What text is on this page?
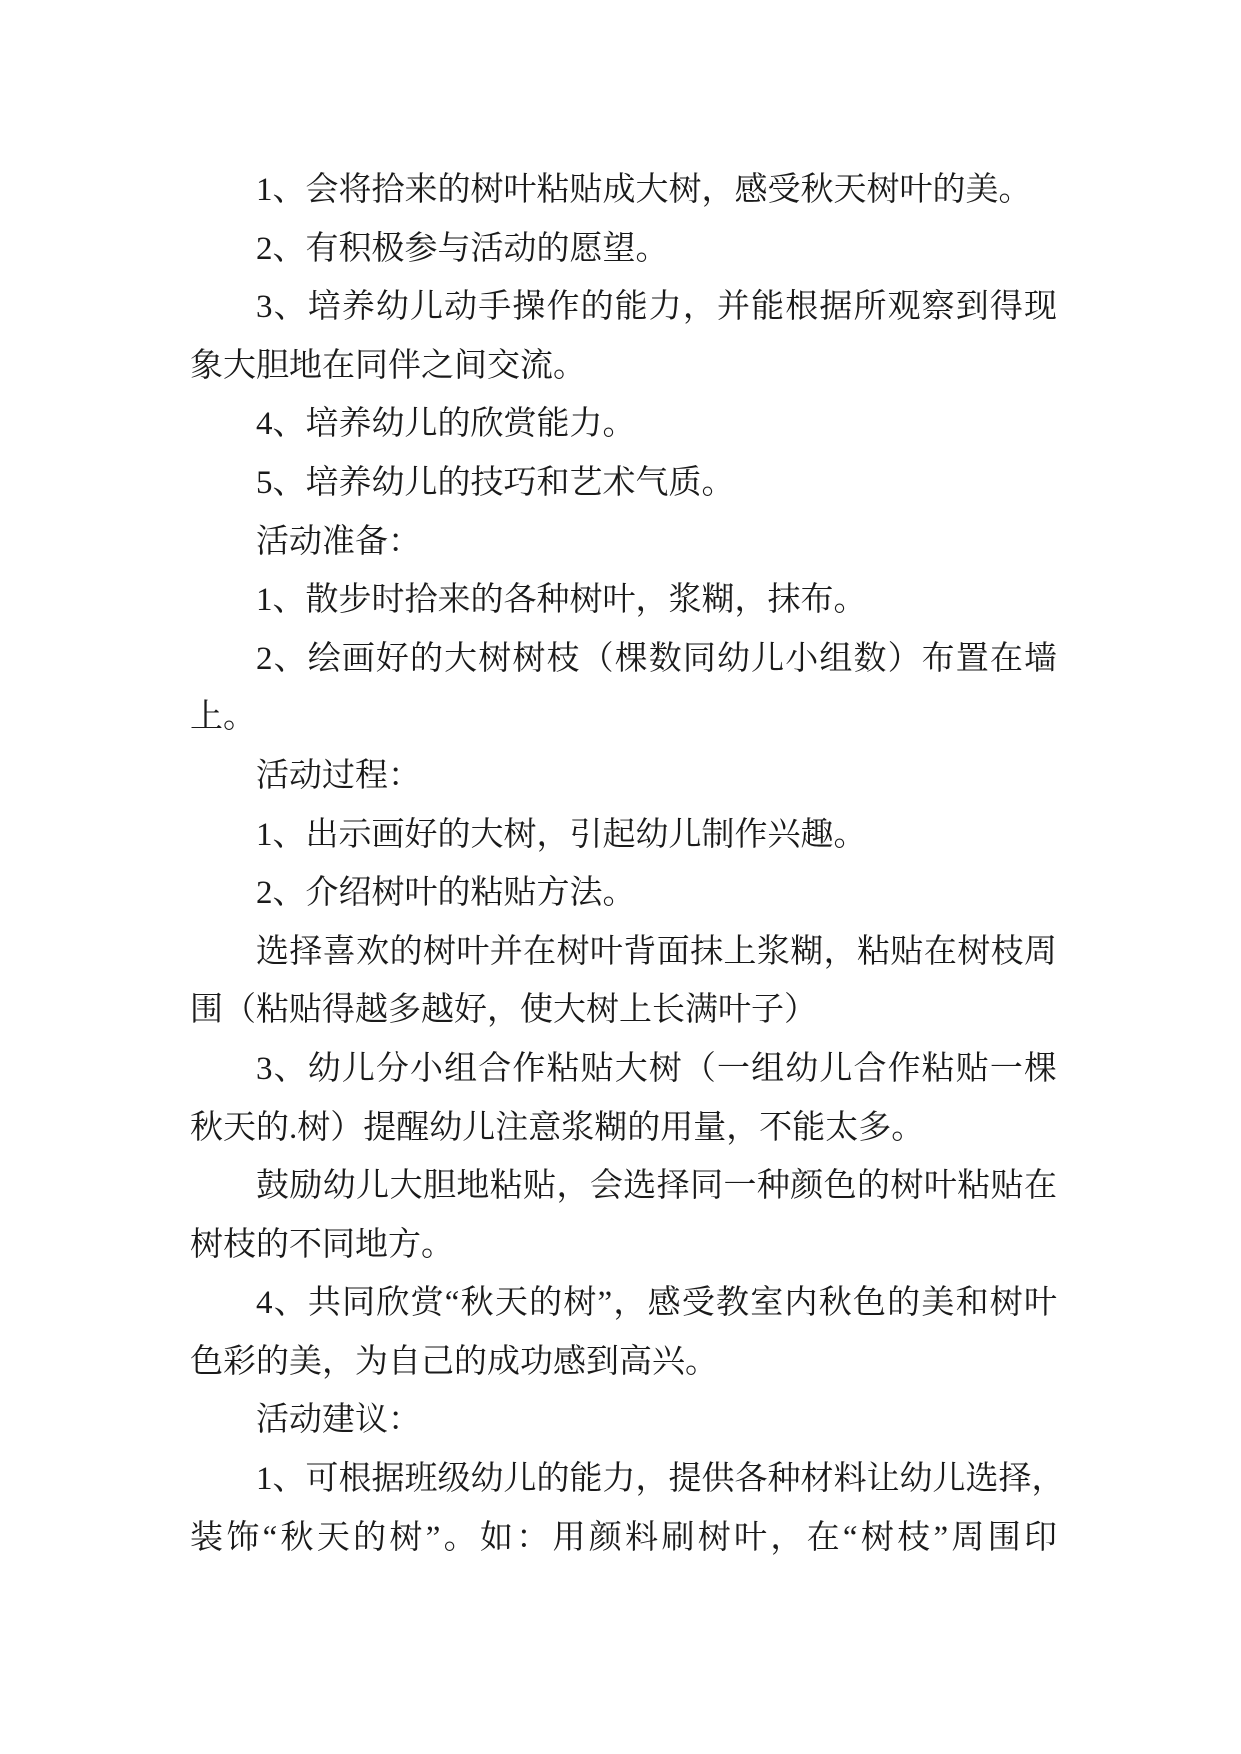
1、会将拾来的树叶粘贴成大树，感受秋天树叶的美。
2、有积极参与活动的愿望。
3、培养幼儿动手操作的能力，并能根据所观察到得现
象大胆地在同伴之间交流。
4、培养幼儿的欣赏能力。
5、培养幼儿的技巧和艺术气质。
活动准备：
1、散步时拾来的各种树叶，浆糊，抹布。
2、绘画好的大树树枝（棵数同幼儿小组数）布置在墙
上。
活动过程：
1、出示画好的大树，引起幼儿制作兴趣。
2、介绍树叶的粘贴方法。
选择喜欢的树叶并在树叶背面抹上浆糊，粘贴在树枝周
围（粘贴得越多越好，使大树上长满叶子）
3、幼儿分小组合作粘贴大树（一组幼儿合作粘贴一棵
秋天的.树）提醒幼儿注意浆糊的用量，不能太多。
鼓励幼儿大胆地粘贴，会选择同一种颜色的树叶粘贴在
树枝的不同地方。
4、共同欣赏“秋天的树”，感受教室内秋色的美和树叶
色彩的美，为自己的成功感到高兴。
活动建议：
1、可根据班级幼儿的能力，提供各种材料让幼儿选择，
装饰“秋天的树”。如：用颜料刷树叶，在“树枝”周围印
